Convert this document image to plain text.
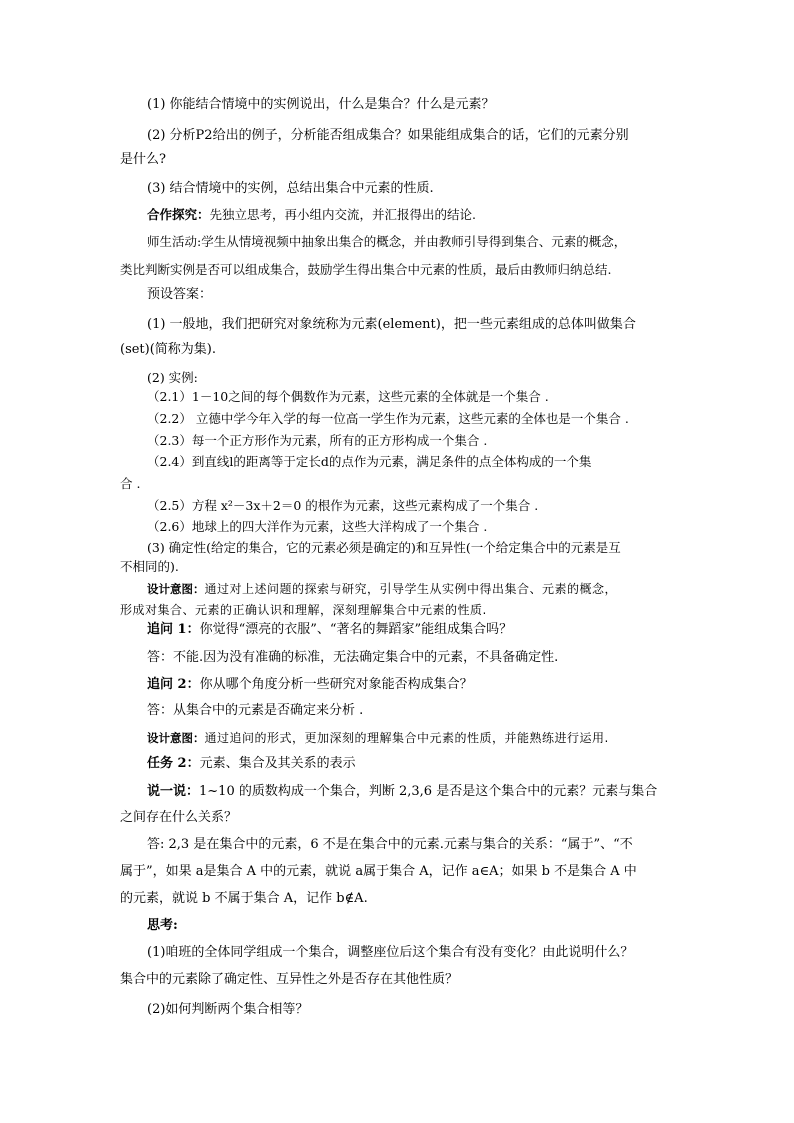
(1) 你能结合情境中的实例说出，什么是集合？什么是元素？
(2) 分析P2给出的例子，分析能否组成集合？如果能组成集合的话，它们的元素分别
是什么?
(3) 结合情境中的实例，总结出集合中元素的性质.
合作探究：先独立思考，再小组内交流，并汇报得出的结论.
师生活动:学生从情境视频中抽象出集合的概念，并由教师引导得到集合、元素的概念，
类比判断实例是否可以组成集合，鼓励学生得出集合中元素的性质，最后由教师归纳总结.
预设答案：
(1) 一般地，我们把研究对象统称为元素(element)，把一些元素组成的总体叫做集合
(set)(简称为集).
(2) 实例:
（2.1）1－10之间的每个偶数作为元素，这些元素的全体就是一个集合 .
（2.2） 立德中学今年入学的每一位高一学生作为元素，这些元素的全体也是一个集合 .
（2.3）每一个正方形作为元素，所有的正方形构成一个集合 .
（2.4）到直线l的距离等于定长d的点作为元素，满足条件的点全体构成的一个集
合 .
（2.5）方程 x²－3x＋2＝0 的根作为元素，这些元素构成了一个集合 .
（2.6）地球上的四大洋作为元素，这些大洋构成了一个集合 .
(3) 确定性(给定的集合，它的元素必须是确定的)和互异性(一个给定集合中的元素是互
不相同的).
设计意图：通过对上述问题的探索与研究，引导学生从实例中得出集合、元素的概念，
形成对集合、元素的正确认识和理解，深刻理解集合中元素的性质.
追问 1：你觉得“漂亮的衣服”、“著名的舞蹈家”能组成集合吗？
答：不能.因为没有准确的标准，无法确定集合中的元素，不具备确定性.
追问 2：你从哪个角度分析一些研究对象能否构成集合？
答：从集合中的元素是否确定来分析 .
设计意图：通过追问的形式，更加深刻的理解集合中元素的性质，并能熟练进行运用.
任务 2：元素、集合及其关系的表示
说一说：1~10 的质数构成一个集合，判断 2,3,6 是否是这个集合中的元素？元素与集合
之间存在什么关系？
答: 2,3 是在集合中的元素，6 不是在集合中的元素.元素与集合的关系：“属于”、“不
属于”，如果 a是集合 A 中的元素，就说 a属于集合 A，记作 a∈A；如果 b 不是集合 A 中
的元素，就说 b 不属于集合 A，记作 b∉A.
思考:
(1)咱班的全体同学组成一个集合，调整座位后这个集合有没有变化？由此说明什么？
集合中的元素除了确定性、互异性之外是否存在其他性质？
(2)如何判断两个集合相等？
